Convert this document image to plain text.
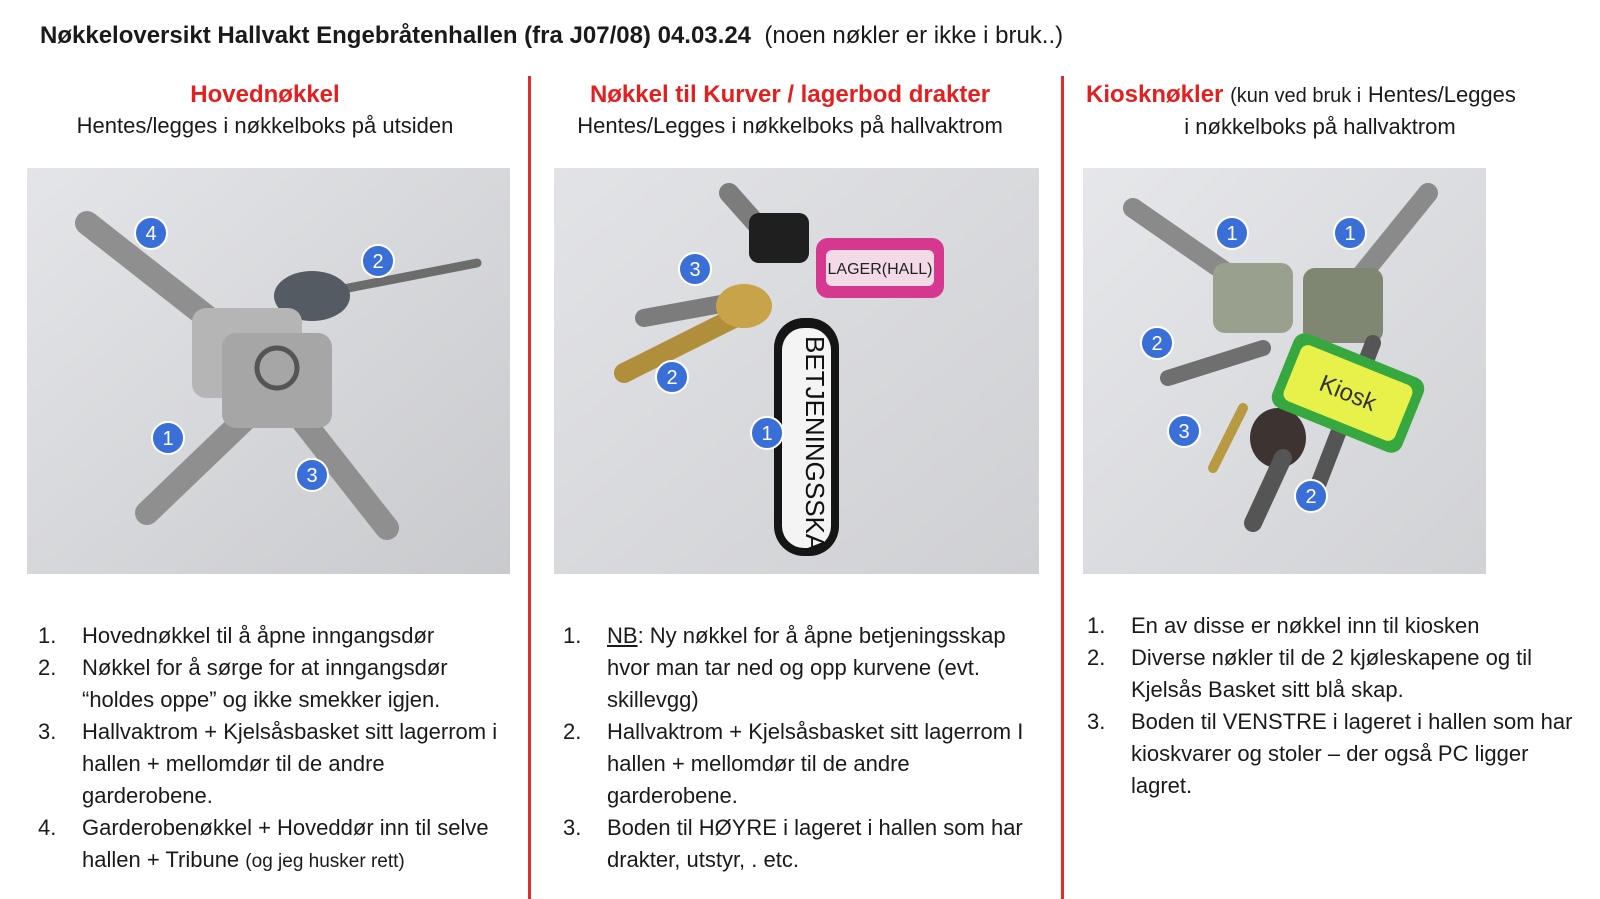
Nøkkeloversikt Hallvakt Engebråtenhallen (fra J07/08) 04.03.24 (noen nøkler er ikke i bruk..)
Hovednøkkel
Hentes/legges i nøkkelboks på utsiden
4
2
1
3
1. Hovednøkkel til å åpne inngangsdør
2. Nøkkel for å sørge for at inngangsdør “holdes oppe” og ikke smekker igjen.
3. Hallvaktrom + Kjelsåsbasket sitt lagerrom i hallen + mellomdør til de andre garderobene.
4. Garderobenøkkel + Hoveddør inn til selve hallen + Tribune (og jeg husker rett)
Nøkkel til Kurver / lagerbod drakter
Hentes/Legges i nøkkelboks på hallvaktrom
LAGER(HALL)
BETJENINGSSKA
3
2
1
1. NB: Ny nøkkel for å åpne betjeningsskap hvor man tar ned og opp kurvene (evt. skillevgg)
2. Hallvaktrom + Kjelsåsbasket sitt lagerrom I hallen + mellomdør til de andre garderobene.
3. Boden til HØYRE i lageret i hallen som har drakter, utstyr, . etc.
Kiosknøkler (kun ved bruk i Hentes/Legges
i nøkkelboks på hallvaktrom
Kiosk
1	1
2
3
2
1. En av disse er nøkkel inn til kiosken
2. Diverse nøkler til de 2 kjøleskapene og til Kjelsås Basket sitt blå skap.
3. Boden til VENSTRE i lageret i hallen som har kioskvarer og stoler – der også PC ligger lagret.
